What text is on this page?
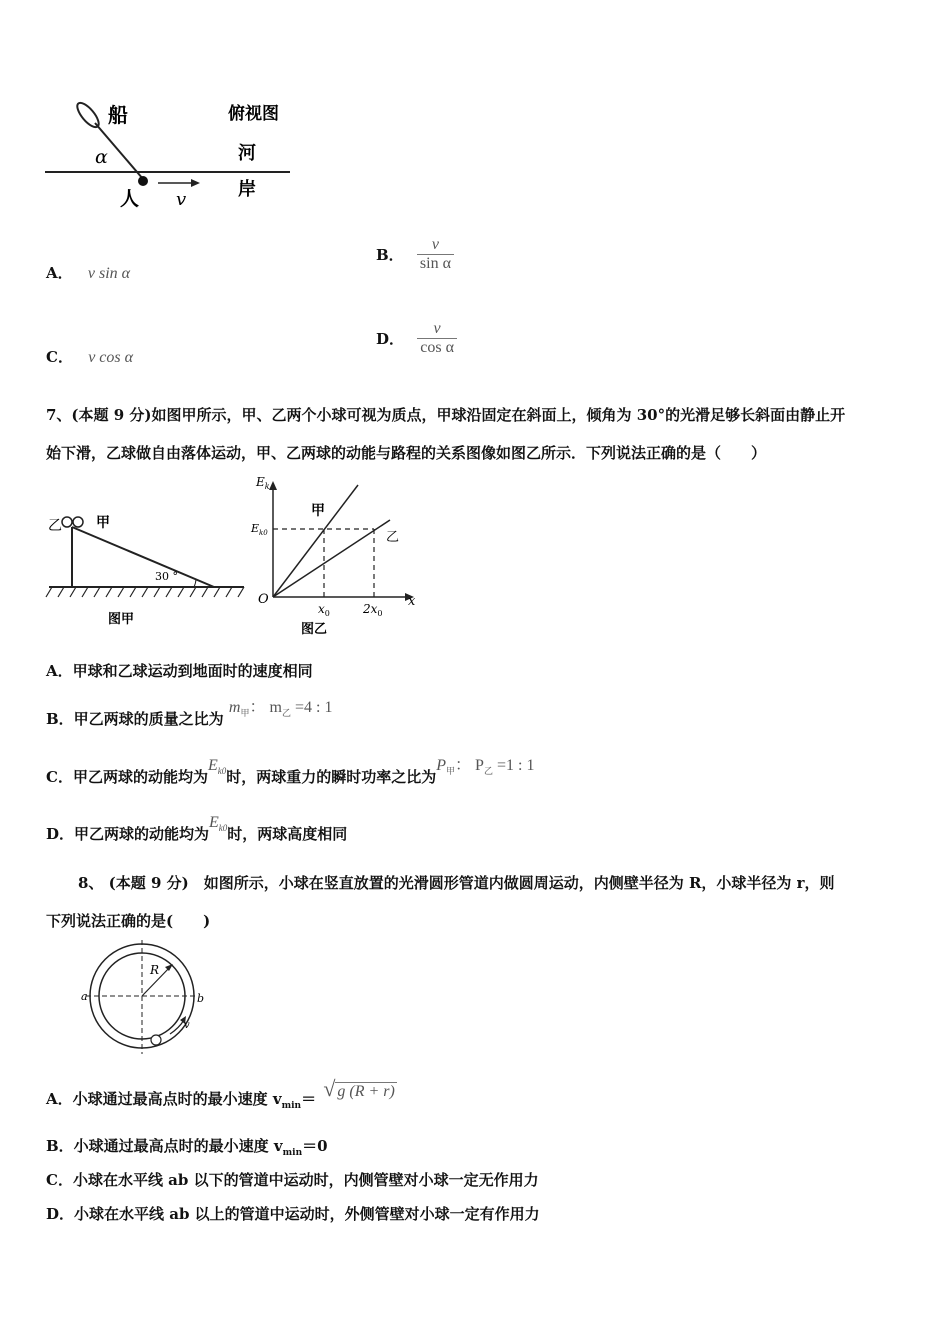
船	俯视图
河
α
人 v	岸
A． v sin α
B． $\frac{v}{\text{sin α}}$
C． v cos α
D． $\frac{v}{\text{cos α}}$
7、(本题 9 分)如图甲所示，甲、乙两个小球可视为质点，甲球沿固定在斜面上，倾角为 30°的光滑足够长斜面由静止开
始下滑，乙球做自由落体运动，甲、乙两球的动能与路程的关系图像如图乙所示．下列说法正确的是（　　）
乙 甲
30 °
图甲
$E_k$
$E_{k0}$
甲
乙
O
$x_0$	$2x_0$
x
图乙
A．甲球和乙球运动到地面时的速度相同
B．甲乙两球的质量之比为 $m_甲$： $m_乙 =4$ : 1
C．甲乙两球的动能均为$E_{k0}$时，两球重力的瞬时功率之比为$P_甲$： $P_乙 =1$ : 1
D．甲乙两球的动能均为$E_{k0}$时，两球高度相同
8、 (本题 9 分)　如图所示，小球在竖直放置的光滑圆形管道内做圆周运动，内侧壁半径为 R，小球半径为 r，则
下列说法正确的是(　　)
R
a	b
v
A．小球通过最高点时的最小速度 $v_{min}=$ √ g (R + r)
B．小球通过最高点时的最小速度 $v_{min}=0$
C．小球在水平线 ab 以下的管道中运动时，内侧管壁对小球一定无作用力
D．小球在水平线 ab 以上的管道中运动时，外侧管壁对小球一定有作用力
